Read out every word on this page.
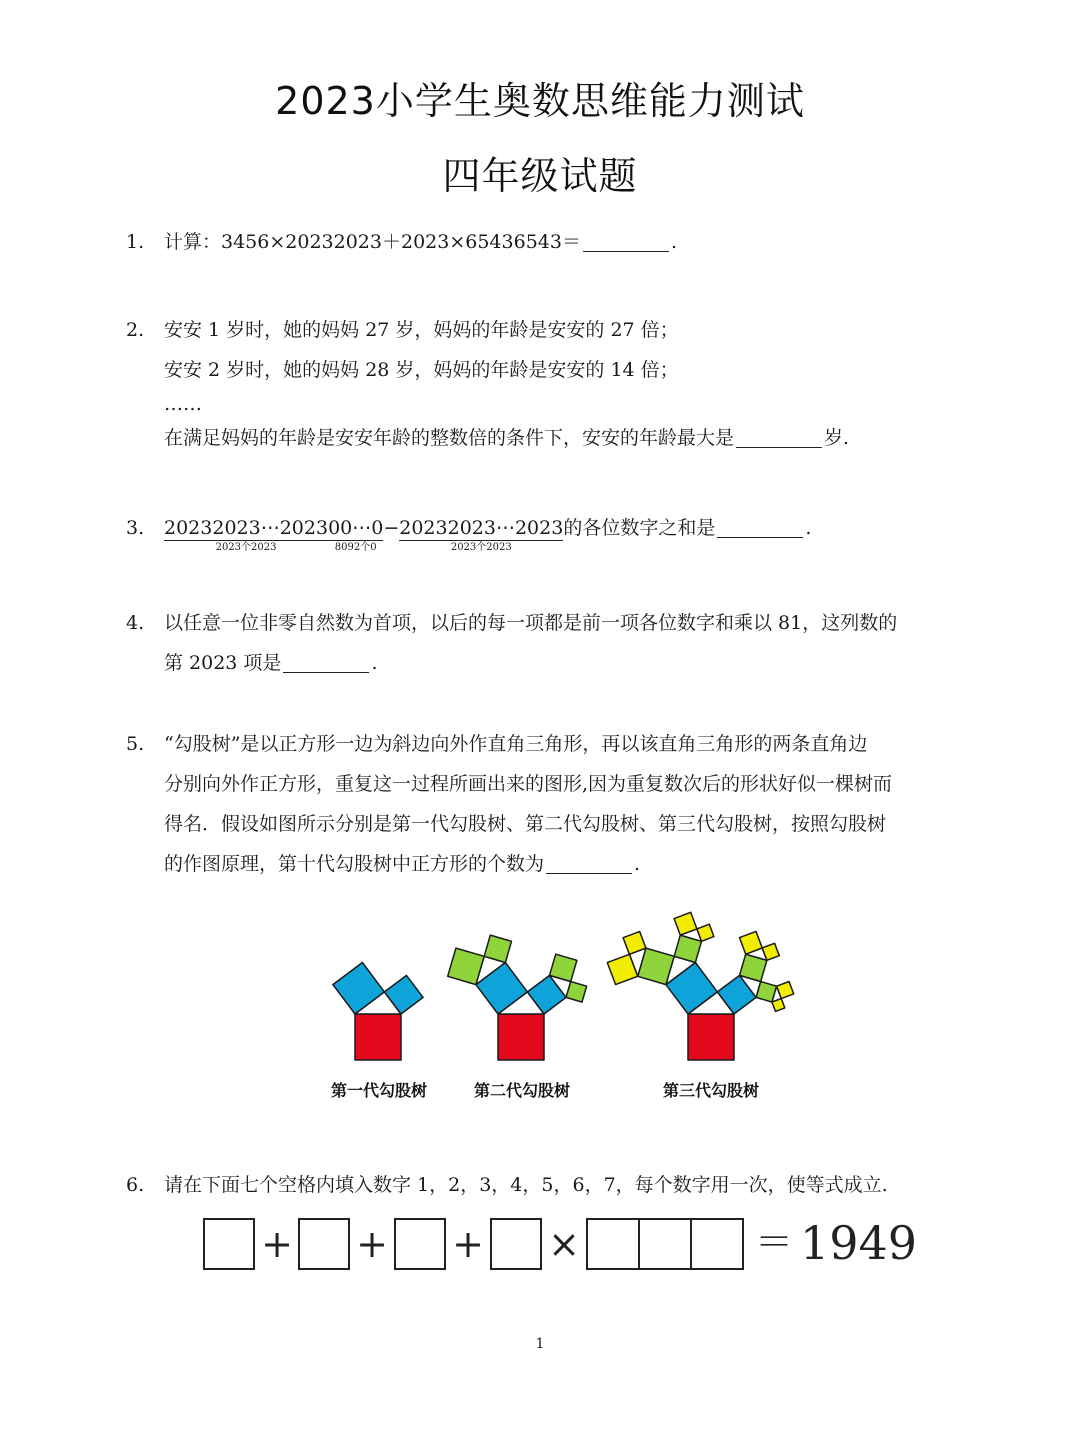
2023小学生奥数思维能力测试
四年级试题
1.	计算：3456×20232023＋2023×65436543＝	.
2.	安安 1 岁时，她的妈妈 27 岁，妈妈的年龄是安安的 27 倍；
安安 2 岁时，她的妈妈 28 岁，妈妈的年龄是安安的 14 倍；
……
在满足妈妈的年龄是安安年龄的整数倍的条件下，安安的年龄最大是	岁.
3.	20232023⋯2023
2023个2023
00⋯0
8092个0
−20232023⋯2023
2023个2023
的各位数字之和是	.
4.	以任意一位非零自然数为首项，以后的每一项都是前一项各位数字和乘以 81，这列数的
第 2023 项是	.
5.	“勾股树”是以正方形一边为斜边向外作直角三角形，再以该直角三角形的两条直角边
分别向外作正方形，重复这一过程所画出来的图形,因为重复数次后的形状好似一棵树而
得名．假设如图所示分别是第一代勾股树、第二代勾股树、第三代勾股树，按照勾股树
的作图原理，第十代勾股树中正方形的个数为	.
第一代勾股树	第二代勾股树	第三代勾股树
6.	请在下面七个空格内填入数字 1，2，3，4，5，6，7，每个数字用一次，使等式成立.
+ + + ×	＝ 1949
1
